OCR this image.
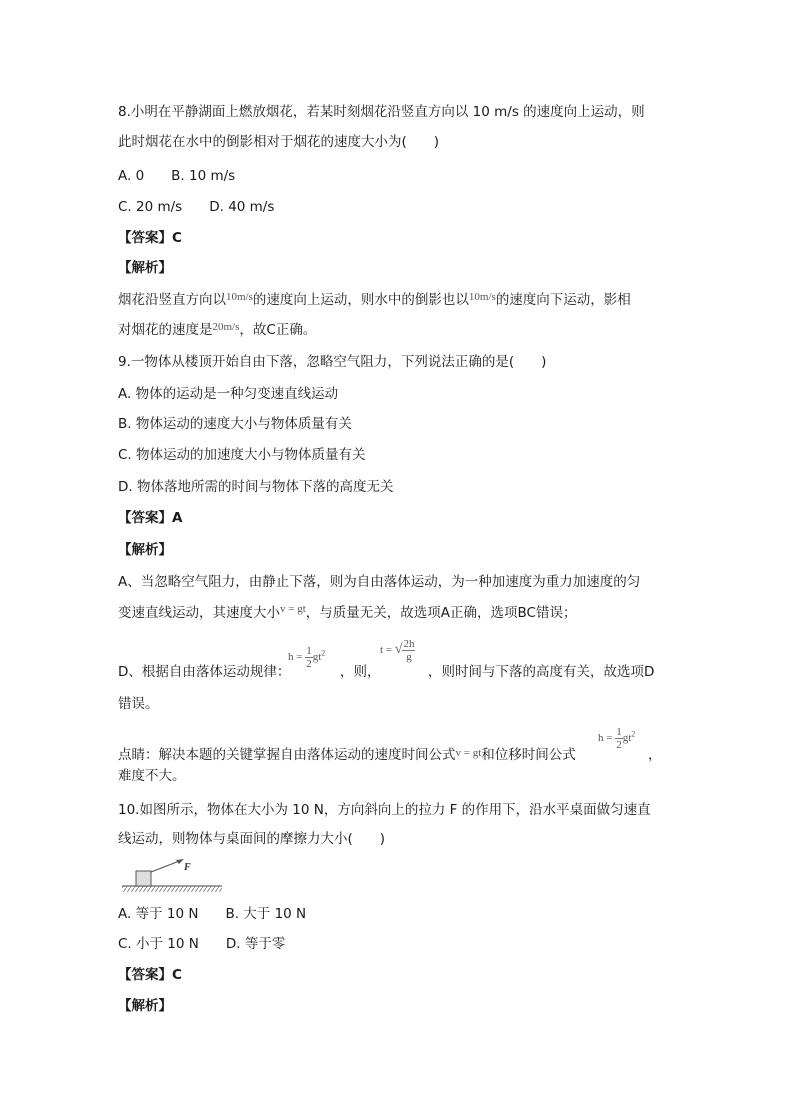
8.小明在平静湖面上燃放烟花，若某时刻烟花沿竖直方向以 10 m/s 的速度向上运动，则
此时烟花在水中的倒影相对于烟花的速度大小为(　　)
A. 0　　B. 10 m/s
C. 20 m/s　　D. 40 m/s
【答案】C
【解析】
烟花沿竖直方向以$^{10m/s}$的速度向上运动，则水中的倒影也以$^{10m/s}$的速度向下运动，影相
对烟花的速度是$^{20m/s}$，故C正确。
9.一物体从楼顶开始自由下落，忽略空气阻力，下列说法正确的是(　　)
A. 物体的运动是一种匀变速直线运动
B. 物体运动的速度大小与物体质量有关
C. 物体运动的加速度大小与物体质量有关
D. 物体落地所需的时间与物体下落的高度无关
【答案】A
【解析】
A、当忽略空气阻力，由静止下落，则为自由落体运动，为一种加速度为重力加速度的匀
变速直线运动，其速度大小$^{v = gt}$，与质量无关，故选项A正确，选项BC错误；
D、根据自由落体运动规律：
$h = \frac{1}{2} gt^2$
，则，
t = √ $\frac{2h}{g}$
，则时间与下落的高度有关，故选项D
错误。
点睛：解决本题的关键掌握自由落体运动的速度时间公式$^{v = gt}$和位移时间公式
$h = \frac{1}{2} gt^2$
，
难度不大。
10.如图所示，物体在大小为 10 N，方向斜向上的拉力 F 的作用下，沿水平桌面做匀速直
线运动，则物体与桌面间的摩擦力大小(　　)
F
A. 等于 10 N　　B. 大于 10 N
C. 小于 10 N　　D. 等于零
【答案】C
【解析】
